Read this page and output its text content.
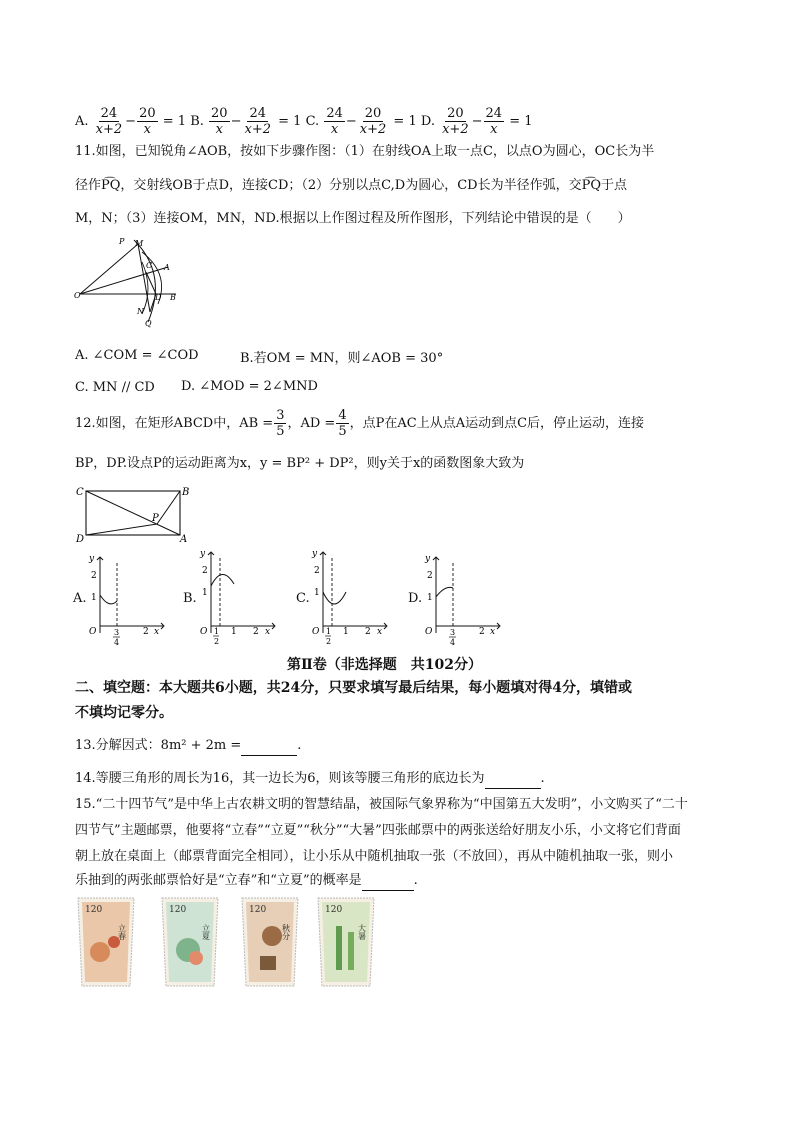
A. $\frac{24}{x+2} - \frac{20}{x} = 1$ B. $\frac{20}{x} - \frac{24}{x+2} = 1$ C. $\frac{24}{x} - \frac{20}{x+2} = 1$ D. $\frac{20}{x+2} - \frac{24}{x} = 1$
11.如图，已知锐角∠AOB，按如下步骤作图：（1）在射线OA上取一点C，以点O为圆心，OC长为半
径作P͡Q，交射线OB于点D，连接CD；（2）分别以点C,D为圆心，CD长为半径作弧，交P͡Q于点
M，N；（3）连接OM，MN，ND.根据以上作图过程及所作图形，下列结论中错误的是（　　）
P M
C A
O	D B
N
Q
A. ∠COM = ∠COD	B.若OM = MN，则∠AOB = 30°
C. MN // CD D. ∠MOD = 2∠MND
12.如图，在矩形ABCD中，AB = $\frac{3}{5}$ ，AD = $\frac{4}{5}$ ，点P在AC上从点A运动到点C后，停止运动，连接
BP，DP.设点P的运动距离为x，y = BP² + DP²，则y关于x的函数图象大致为
C	B
P
D	A
A.
y
2
1
O 3
4
2 x
B.
y
2
1
O 1
2
1 2 x
C.
y
2
1
O 1
2
1 2 x
D.
y
2
1
O 3
4
2 x
第Ⅱ卷（非选择题　共102分）
二、填空题：本大题共6小题，共24分，只要求填写最后结果，每小题填对得4分，填错或
不填均记零分。
13.分解因式：8m² + 2m =	.
14.等腰三角形的周长为16，其一边长为6，则该等腰三角形的底边长为	.
15.“二十四节气”是中华上古农耕文明的智慧结晶，被国际气象界称为“中国第五大发明”，小文购买了“二十
四节气”主题邮票，他要将“立春”“立夏”“秋分”“大暑”四张邮票中的两张送给好朋友小乐，小文将它们背面
朝上放在桌面上（邮票背面完全相同），让小乐从中随机抽取一张（不放回），再从中随机抽取一张，则小
乐抽到的两张邮票恰好是“立春”和“立夏”的概率是	.
120
立春
120
立夏
120
秋分
120
大暑
